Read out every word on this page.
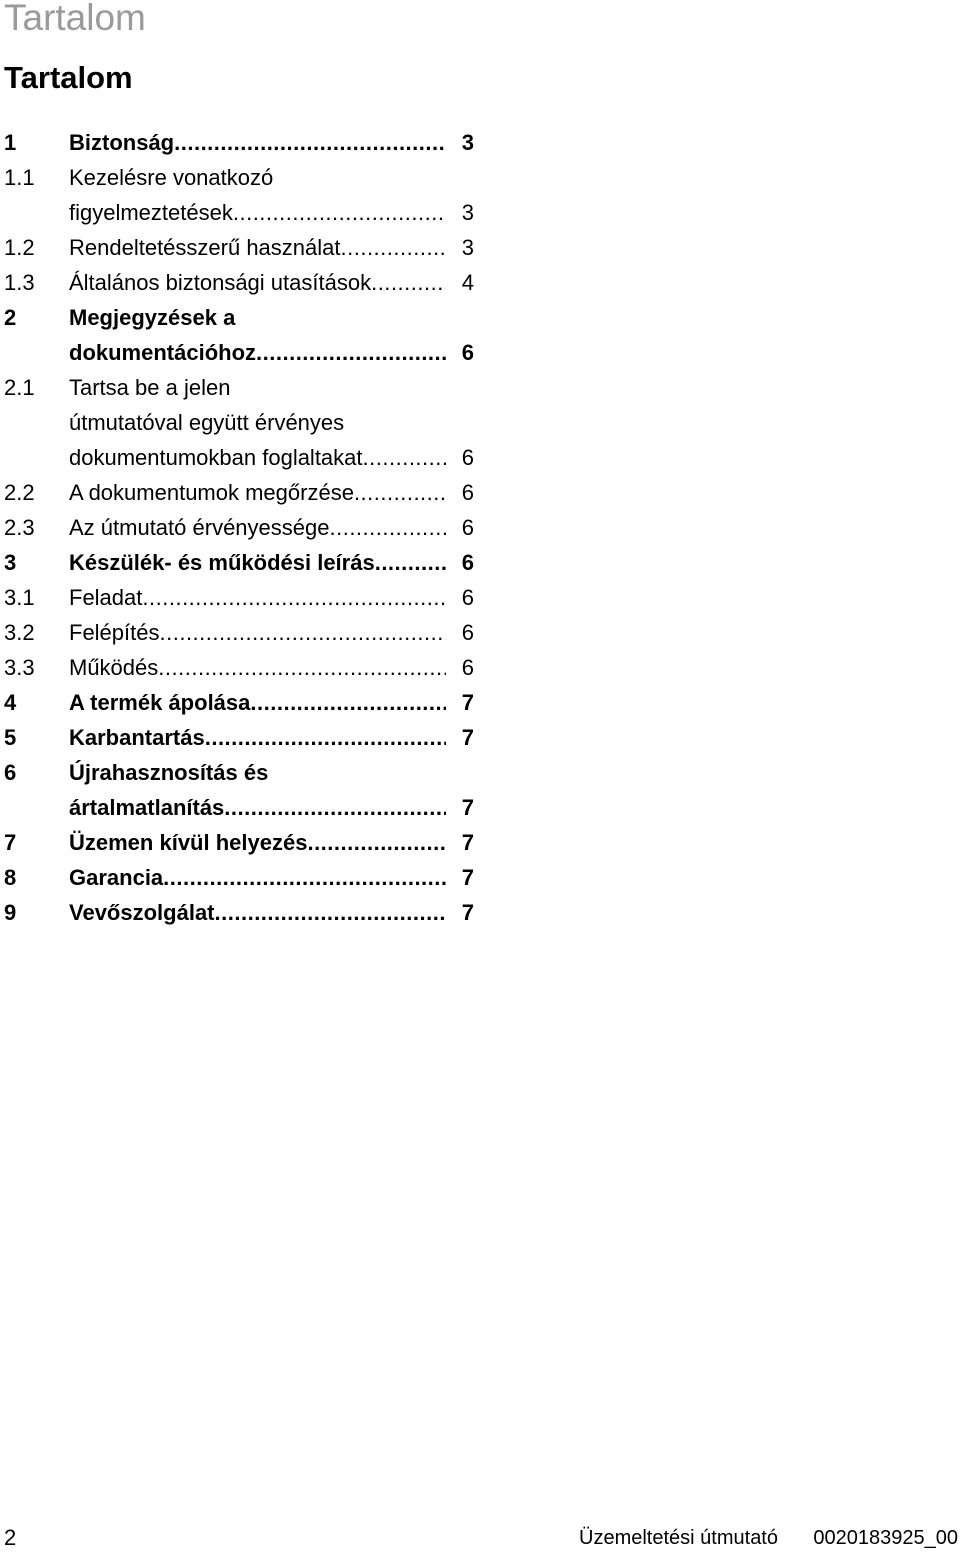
Tartalom
Tartalom
1	Biztonság .....	3
1.1	Kezelésre vonatkozó
figyelmeztetések .....	3
1.2	Rendeltetésszerű használat .....	3
1.3	Általános biztonsági utasítások .....	4
2	Megjegyzések a
dokumentációhoz .....	6
2.1	Tartsa be a jelen
útmutatóval együtt érvényes
dokumentumokban foglaltakat .....	6
2.2	A dokumentumok megőrzése .....	6
2.3	Az útmutató érvényessége .....	6
3	Készülék- és működési leírás .....	6
3.1	Feladat .....	6
3.2	Felépítés .....	6
3.3	Működés .....	6
4	A termék ápolása .....	7
5	Karbantartás .....	7
6	Újrahasznosítás és
ártalmatlanítás .....	7
7	Üzemen kívül helyezés .....	7
8	Garancia .....	7
9	Vevőszolgálat .....	7
2	Üzemeltetési útmutató 0020183925_00
